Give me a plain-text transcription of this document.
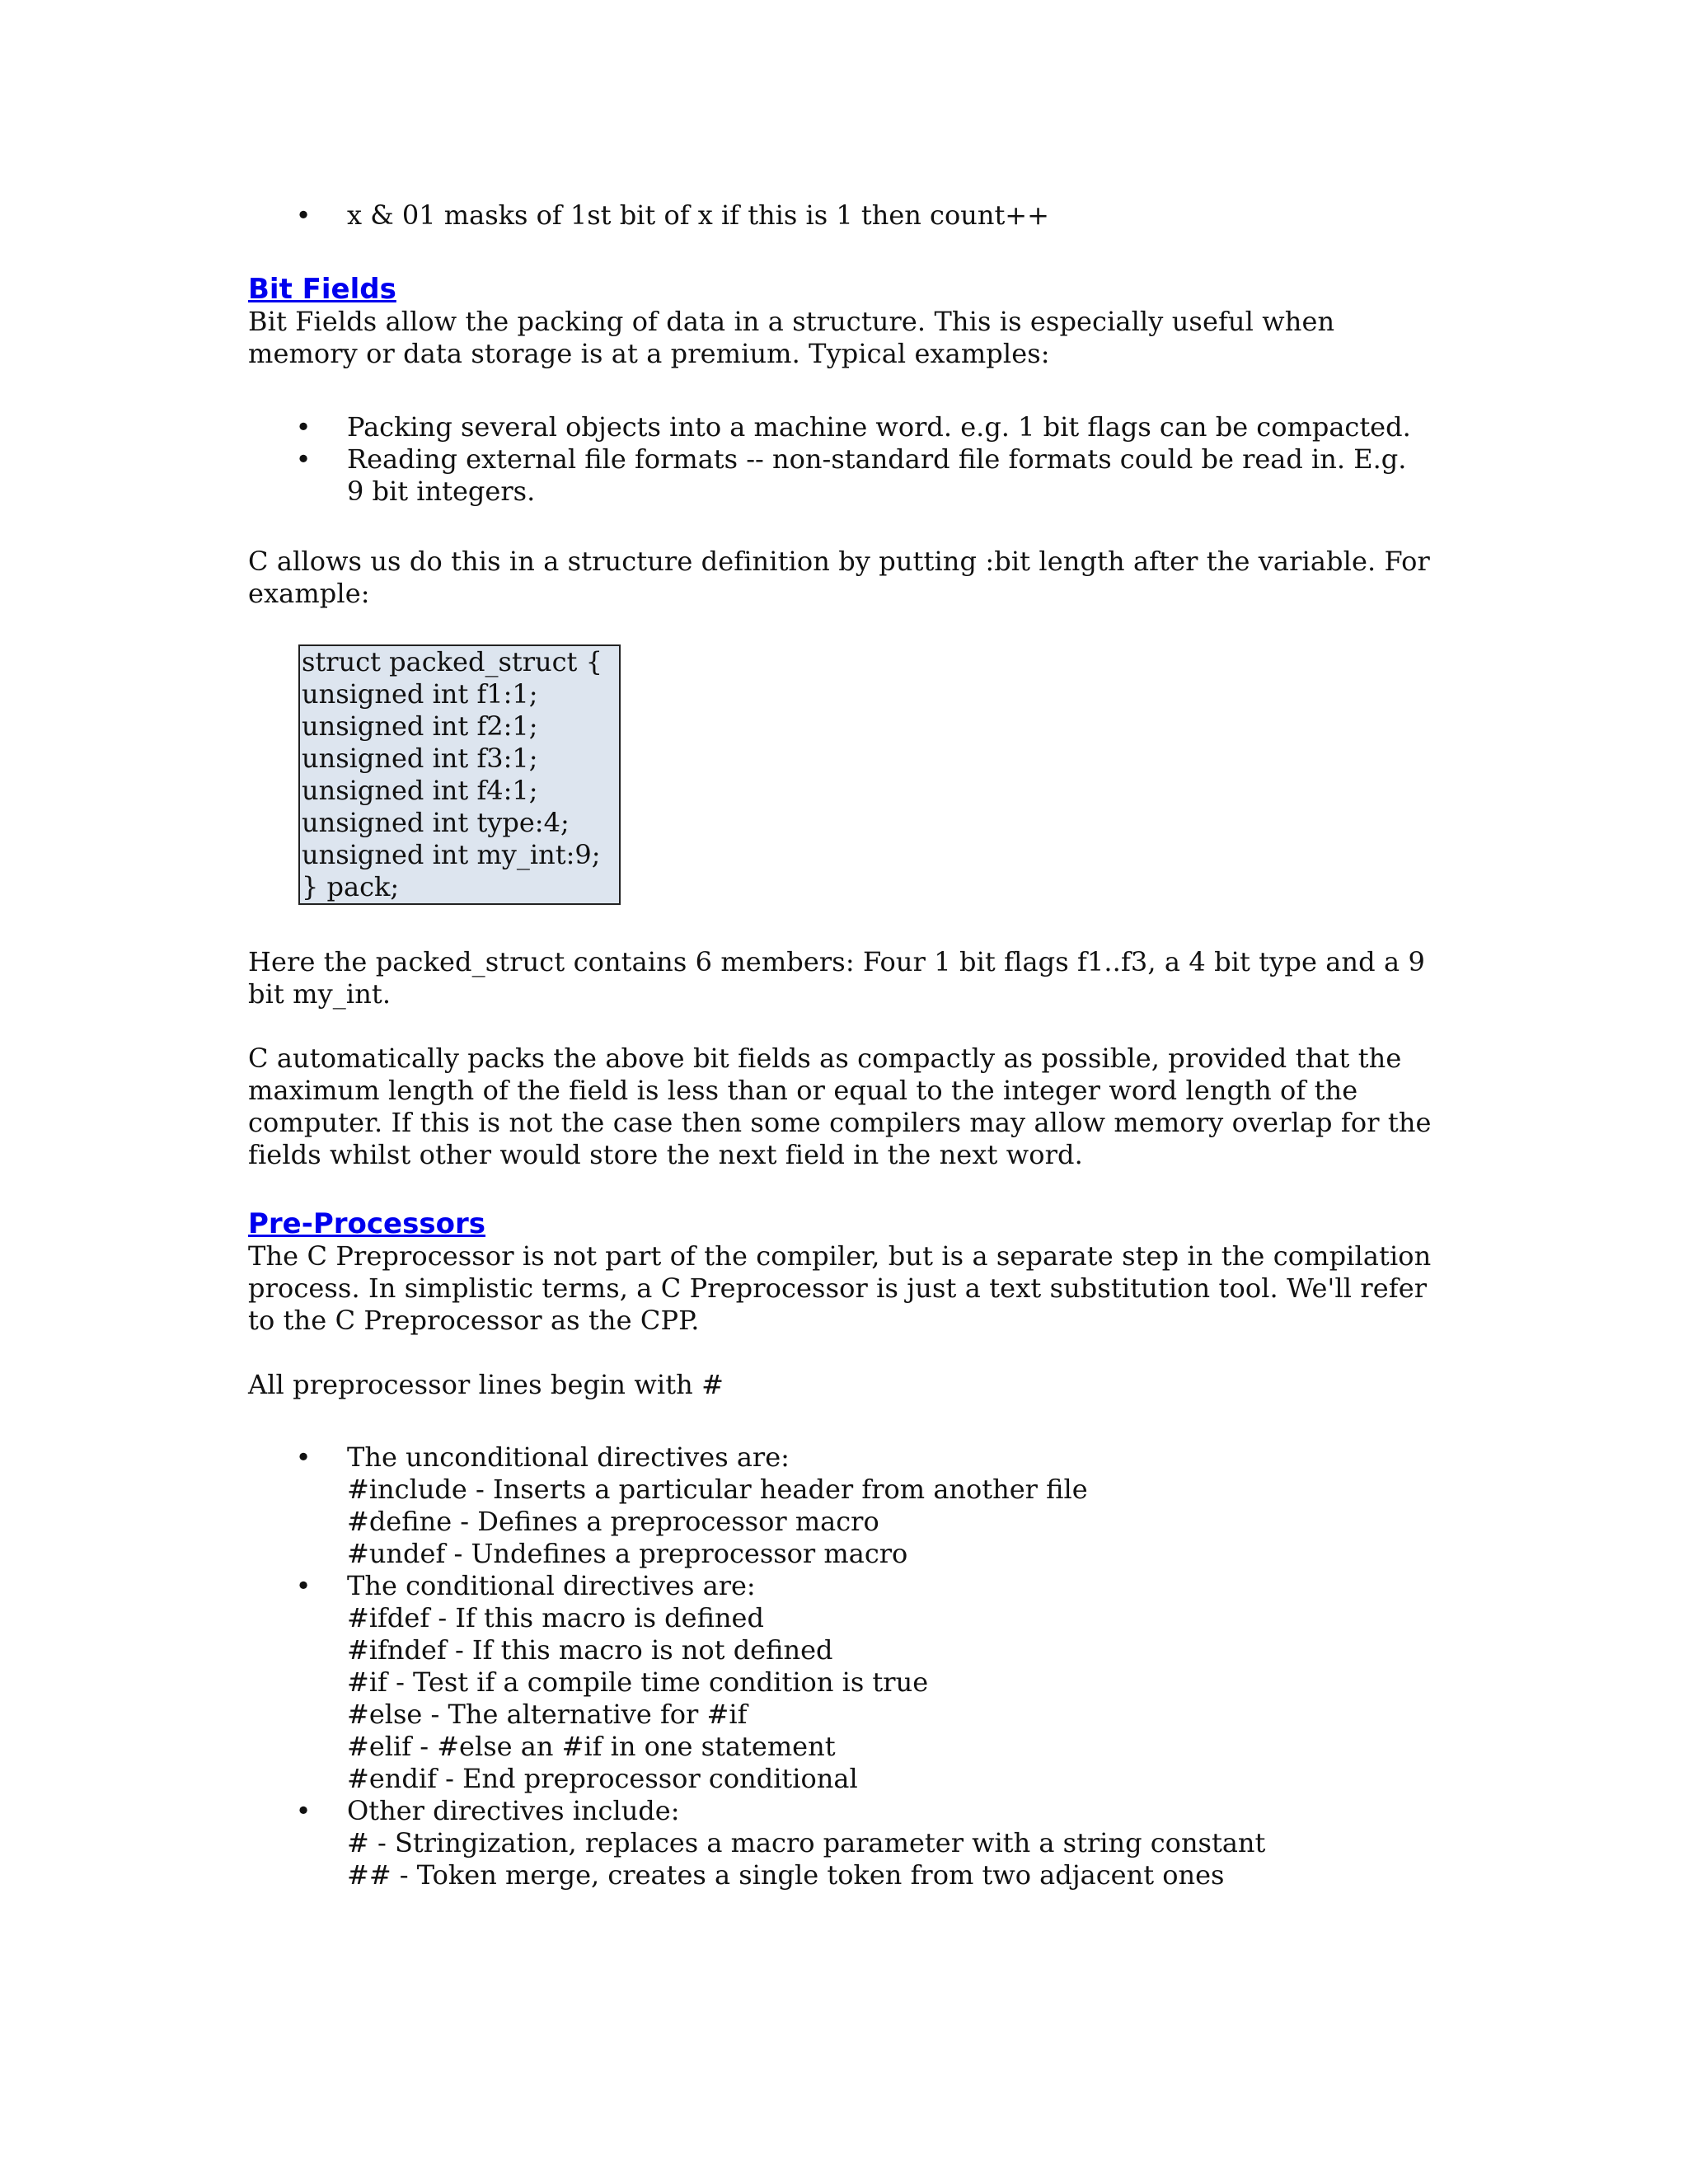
• x & 01 masks of 1st bit of x if this is 1 then count++
Bit Fields

Bit Fields allow the packing of data in a structure. This is especially useful when
memory or data storage is at a premium. Typical examples:

• Packing several objects into a machine word. e.g. 1 bit flags can be compacted.
• Reading external file formats -- non-standard file formats could be read in. E.g.
9 bit integers.

C allows us do this in a structure definition by putting :bit length after the variable. For
example:

struct packed_struct {
unsigned int f1:1;
unsigned int f2:1;
unsigned int f3:1;
unsigned int f4:1;
unsigned int type:4;
unsigned int my_int:9;
} pack;

Here the packed_struct contains 6 members: Four 1 bit flags f1..f3, a 4 bit type and a 9
bit my_int.

C automatically packs the above bit fields as compactly as possible, provided that the
maximum length of the field is less than or equal to the integer word length of the
computer. If this is not the case then some compilers may allow memory overlap for the
fields whilst other would store the next field in the next word.

Pre-Processors

The C Preprocessor is not part of the compiler, but is a separate step in the compilation
process. In simplistic terms, a C Preprocessor is just a text substitution tool. We'll refer
to the C Preprocessor as the CPP.

All preprocessor lines begin with #

• The unconditional directives are:
#include - Inserts a particular header from another file
#define - Defines a preprocessor macro
#undef - Undefines a preprocessor macro
• The conditional directives are:
#ifdef - If this macro is defined
#ifndef - If this macro is not defined
#if - Test if a compile time condition is true
#else - The alternative for #if
#elif - #else an #if in one statement
#endif - End preprocessor conditional
• Other directives include:
# - Stringization, replaces a macro parameter with a string constant
## - Token merge, creates a single token from two adjacent ones
